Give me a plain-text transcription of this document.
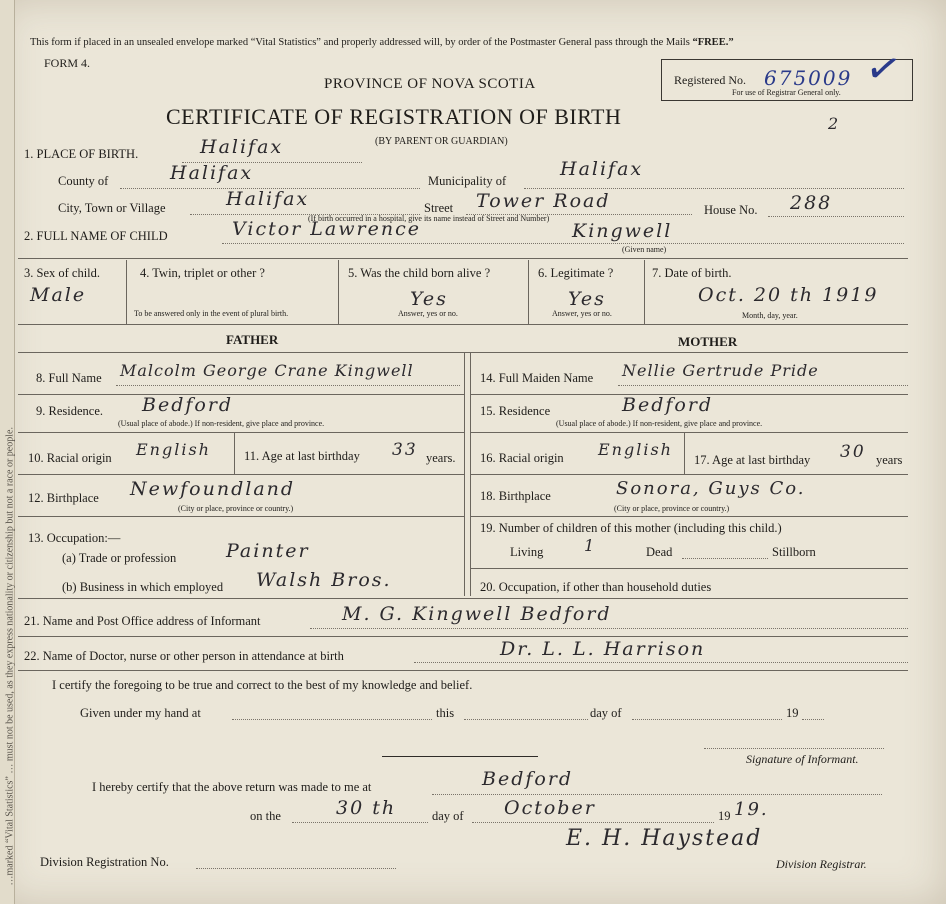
…marked “Vital Statistics” … must not be used, as they express nationality or citizenship but not a race or people.
This form if placed in an unsealed envelope marked “Vital Statistics” and properly addressed will, by order of the Postmaster General pass through the Mails “FREE.”
FORM 4.
PROVINCE OF NOVA SCOTIA
CERTIFICATE OF REGISTRATION OF BIRTH
(BY PARENT OR GUARDIAN)
2
Registered No. 675009
For use of Registrar General only. ✓
1. PLACE OF BIRTH.	Halifax
County of	Halifax	Municipality of
Halifax
City, Town or Village	Halifax	Street Tower Road
(If birth occurred in a hospital, give its name instead of Street and Number)
House No. 288
2. FULL NAME OF CHILD	Victor Lawrence
(Given name)
Kingwell
3. Sex of child.
Male
4. Twin, triplet or other ?
To be answered only in the event of plural birth.
5. Was the child born alive ?
Yes
Answer, yes or no.
6. Legitimate ?
Yes
Answer, yes or no.
7. Date of birth.
Oct. 20 th 1919
Month, day, year.
FATHER	MOTHER
8. Full Name Malcolm George Crane Kingwell
9. Residence. Bedford
(Usual place of abode.) If non-resident, give place and province.
10. Racial origin English	11. Age at last birthday 33 years.
12. Birthplace Newfoundland
(City or place, province or country.)
13. Occupation:—
(a) Trade or profession	Painter
(b) Business in which employed Walsh Bros.
14. Full Maiden Name Nellie Gertrude Pride
15. Residence	Bedford
(Usual place of abode.) If non-resident, give place and province.
16. Racial origin English
17. Age at last birthday 30 years
18. Birthplace	Sonora, Guys Co.
(City or place, province or country.)
19. Number of children of this mother (including this child.)
Living	1	Dead	Stillborn
20. Occupation, if other than household duties
21. Name and Post Office address of Informant	M. G. Kingwell Bedford
22. Name of Doctor, nurse or other person in attendance at birth	Dr. L. L. Harrison
I certify the foregoing to be true and correct to the best of my knowledge and belief.
Given under my hand at	this	day of	19
Signature of Informant.
I hereby certify that the above return was made to me at	Bedford
on the	30 th	day of October	19 19.
Division Registration No.
E. H. Haystead
Division Registrar.
